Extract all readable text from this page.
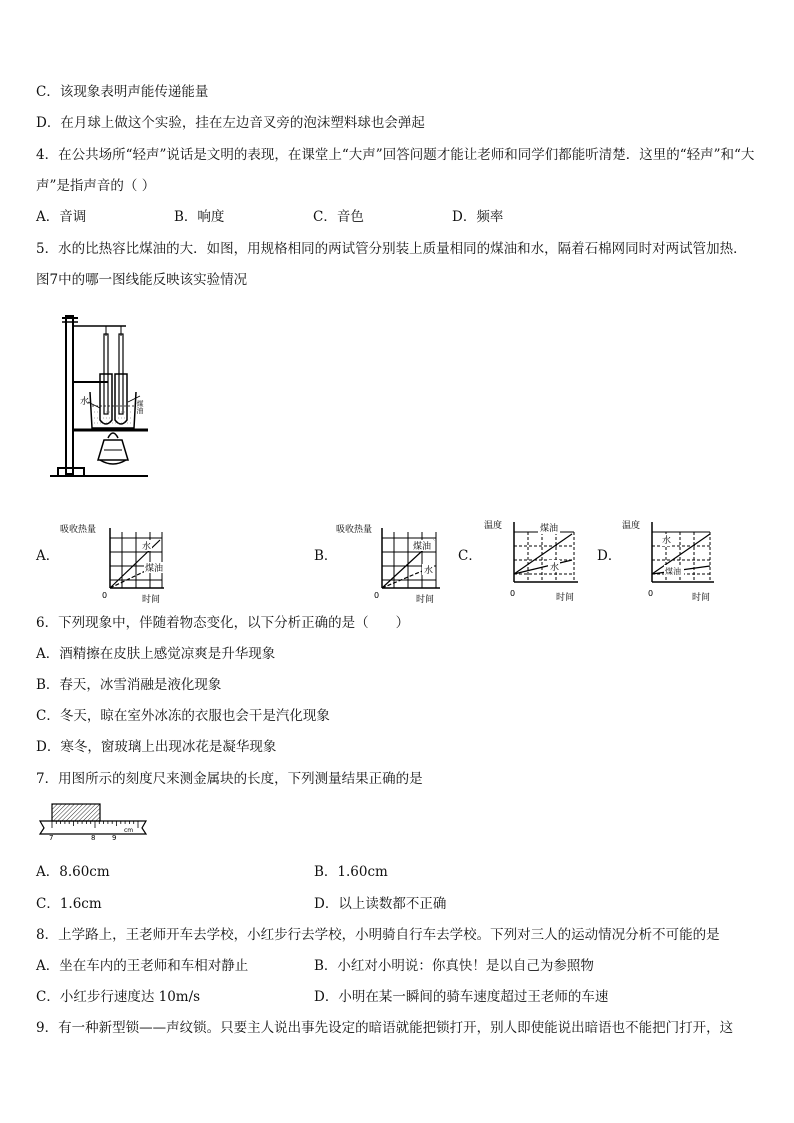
C．该现象表明声能传递能量
D．在月球上做这个实验，挂在左边音叉旁的泡沫塑料球也会弹起
4．在公共场所“轻声”说话是文明的表现，在课堂上“大声”回答问题才能让老师和同学们都能听清楚．这里的“轻声”和“大
声”是指声音的（ ）
A．音调	B．响度	C．音色	D．频率
5．水的比热容比煤油的大．如图，用规格相同的两试管分别装上质量相同的煤油和水，隔着石棉网同时对两试管加热．
图7中的哪一图线能反映该实验情况
水	煤油
A．	B．	C．	D．
吸收热量
水
煤油
0	时间
吸收热量
煤油
水
0	时间
温度	煤油
水
0	时间
温度
水
煤油
0	时间
6．下列现象中，伴随着物态变化，以下分析正确的是（　　）
A．酒精擦在皮肤上感觉凉爽是升华现象
B．春天，冰雪消融是液化现象
C．冬天，晾在室外冰冻的衣服也会干是汽化现象
D．寒冬，窗玻璃上出现冰花是凝华现象
7．用图所示的刻度尺来测金属块的长度，下列测量结果正确的是
7	8 9
cm
A．8.60cm	B．1.60cm
C．1.6cm	D．以上读数都不正确
8．上学路上，王老师开车去学校，小红步行去学校，小明骑自行车去学校。下列对三人的运动情况分析不可能的是
A．坐在车内的王老师和车相对静止	B．小红对小明说：你真快！是以自己为参照物
C．小红步行速度达 10m/s	D．小明在某一瞬间的骑车速度超过王老师的车速
9．有一种新型锁——声纹锁。只要主人说出事先设定的暗语就能把锁打开，别人即使能说出暗语也不能把门打开，这
